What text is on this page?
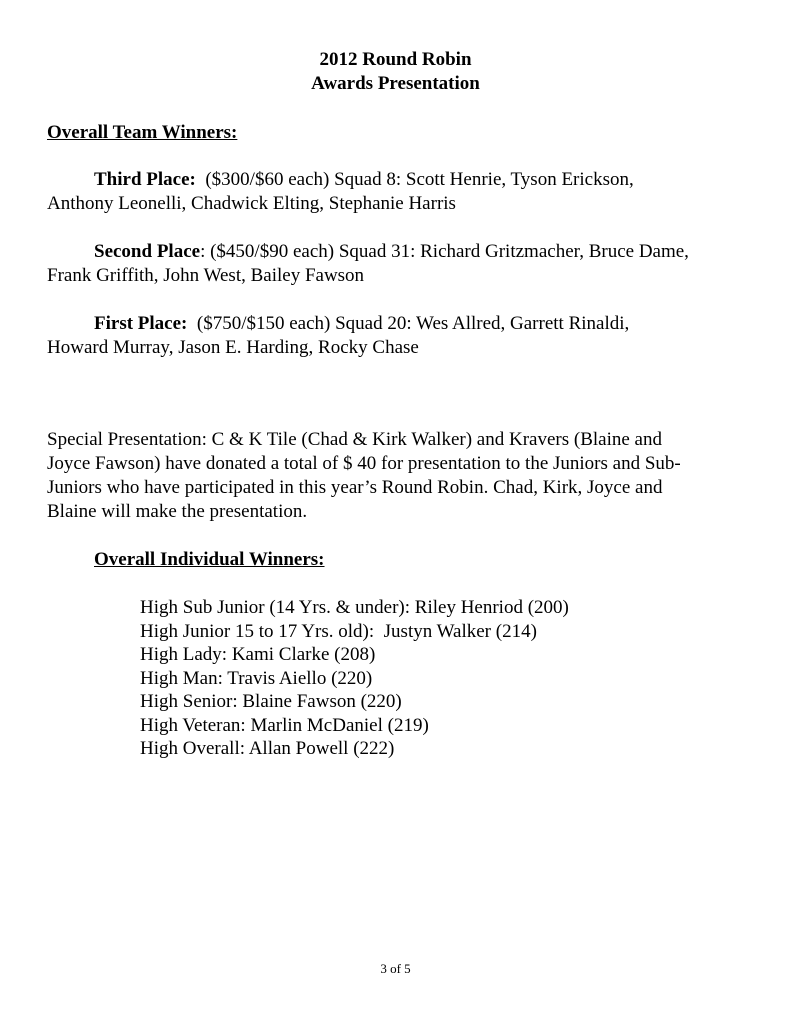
2012 Round Robin
Awards Presentation
Overall Team Winners:
Third Place:  ($300/$60 each) Squad 8: Scott Henrie, Tyson Erickson,
Anthony Leonelli, Chadwick Elting, Stephanie Harris
Second Place: ($450/$90 each) Squad 31: Richard Gritzmacher, Bruce Dame,
Frank Griffith, John West, Bailey Fawson
First Place:  ($750/$150 each) Squad 20: Wes Allred, Garrett Rinaldi,
Howard Murray, Jason E. Harding, Rocky Chase
Special Presentation: C & K Tile (Chad & Kirk Walker) and Kravers (Blaine and
Joyce Fawson) have donated a total of $ 40 for presentation to the Juniors and Sub-
Juniors who have participated in this year’s Round Robin. Chad, Kirk, Joyce and
Blaine will make the presentation.
Overall Individual Winners:
High Sub Junior (14 Yrs. & under): Riley Henriod (200)
High Junior 15 to 17 Yrs. old):  Justyn Walker (214)
High Lady: Kami Clarke (208)
High Man: Travis Aiello (220)
High Senior: Blaine Fawson (220)
High Veteran: Marlin McDaniel (219)
High Overall: Allan Powell (222)
3 of 5
